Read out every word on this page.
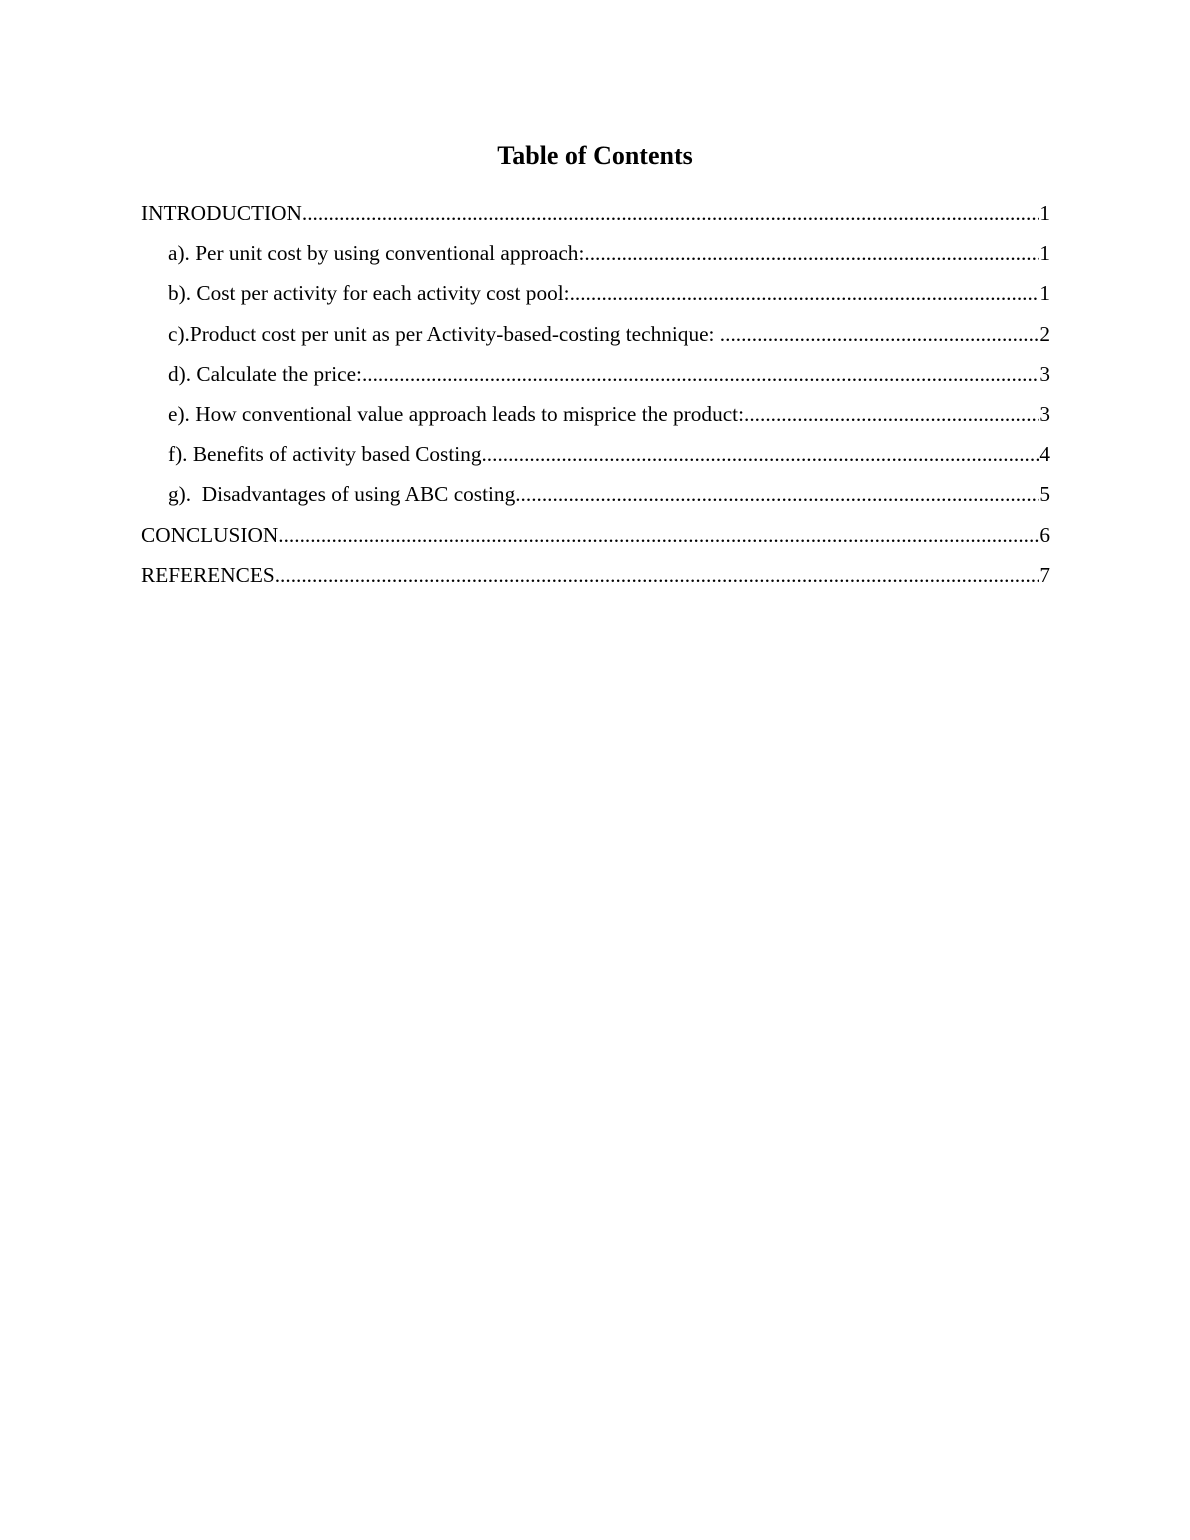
Table of Contents
INTRODUCTION .....	1
a). Per unit cost by using conventional approach: .....	1
b). Cost per activity for each activity cost pool: .....	1
c).Product cost per unit as per Activity-based-costing technique: .....	2
d). Calculate the price: .....	3
e). How conventional value approach leads to misprice the product: .....	3
f). Benefits of activity based Costing .....	4
g).  Disadvantages of using ABC costing .....	5
CONCLUSION .....	6
REFERENCES .....	7
